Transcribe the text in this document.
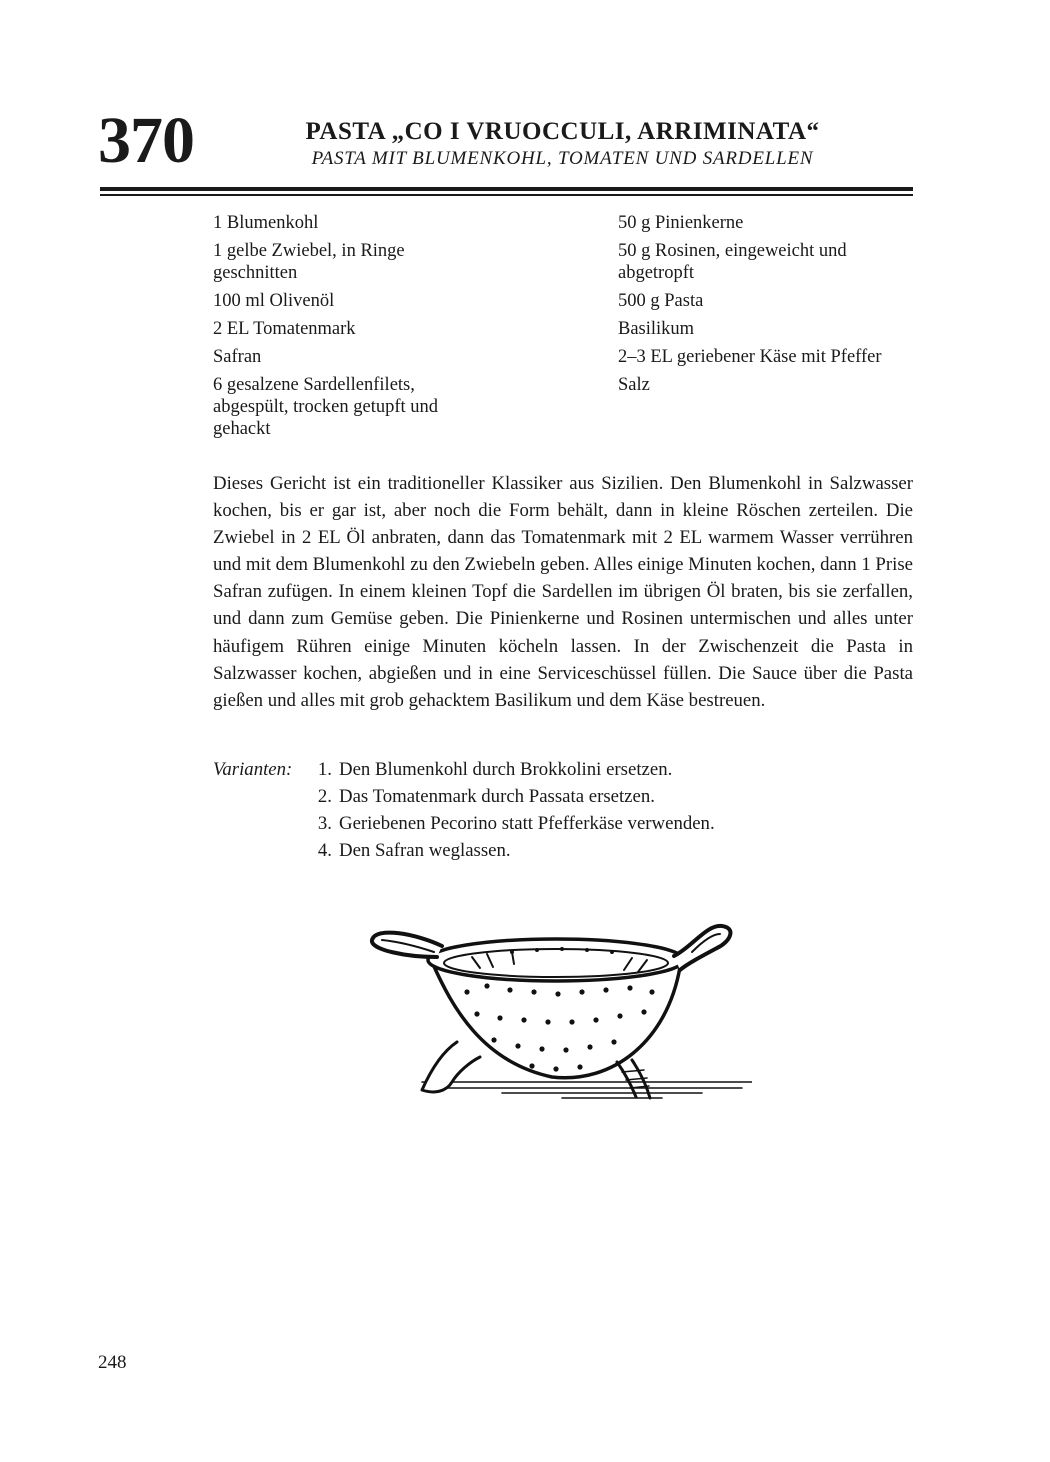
370	PASTA „CO I VRUOCCULI, ARRIMINATA“
PASTA MIT BLUMENKOHL, TOMATEN UND SARDELLEN
1 Blumenkohl
1 gelbe Zwiebel, in Ringe geschnitten
100 ml Olivenöl
2 EL Tomatenmark
Safran
6 gesalzene Sardellenfilets, abgespült, trocken getupft und gehackt
50 g Pinienkerne
50 g Rosinen, eingeweicht und abgetropft
500 g Pasta
Basilikum
2–3 EL geriebener Käse mit Pfeffer
Salz
Dieses Gericht ist ein traditioneller Klassiker aus Sizilien. Den Blumenkohl in Salzwasser kochen, bis er gar ist, aber noch die Form behält, dann in kleine Röschen zerteilen. Die Zwiebel in 2 EL Öl anbraten, dann das Tomatenmark mit 2 EL warmem Wasser verrühren und mit dem Blumenkohl zu den Zwiebeln geben. Alles einige Minuten kochen, dann 1 Prise Safran zufügen. In einem kleinen Topf die Sardellen im übrigen Öl braten, bis sie zerfallen, und dann zum Gemüse geben. Die Pinienkerne und Rosinen untermischen und alles unter häufigem Rühren einige Minuten köcheln lassen. In der Zwischenzeit die Pasta in Salzwasser kochen, abgießen und in eine Serviceschüssel füllen. Die Sauce über die Pasta gießen und alles mit grob gehacktem Basilikum und dem Käse bestreuen.
Varianten:	1. Den Blumenkohl durch Brokkolini ersetzen.
2. Das Tomatenmark durch Passata ersetzen.
3. Geriebenen Pecorino statt Pfefferkäse verwenden.
4. Den Safran weglassen.
248
